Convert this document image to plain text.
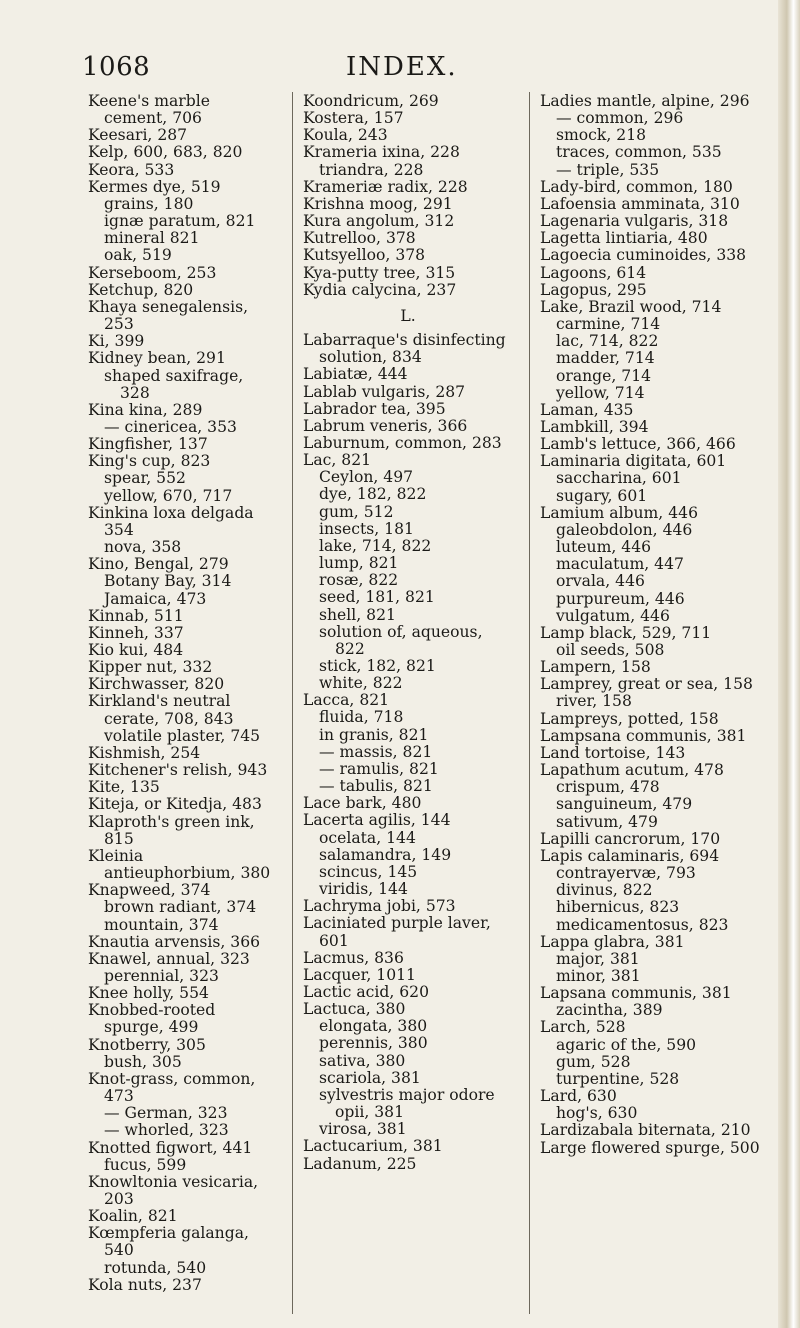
1068	INDEX.

Keene's marble cement, 706

Keesari, 287

Kelp, 600, 683, 820

Keora, 533

Kermes dye, 519

grains, 180

ignæ paratum, 821

mineral 821

oak, 519

Kerseboom, 253

Ketchup, 820

Khaya senegalensis, 253

Ki, 399

Kidney bean, 291

shaped saxifrage, 328

Kina kina, 289

— cinericea, 353

Kingfisher, 137

King's cup, 823

spear, 552

yellow, 670, 717

Kinkina loxa delgada 354

nova, 358

Kino, Bengal, 279

Botany Bay, 314

Jamaica, 473

Kinnab, 511

Kinneh, 337

Kio kui, 484

Kipper nut, 332

Kirchwasser, 820

Kirkland's neutral cerate, 708, 843

volatile plaster, 745

Kishmish, 254

Kitchener's relish, 943

Kite, 135

Kiteja, or Kitedja, 483

Klaproth's green ink, 815

Kleinia antieuphorbium, 380

Knapweed, 374

brown radiant, 374

mountain, 374

Knautia arvensis, 366

Knawel, annual, 323

perennial, 323

Knee holly, 554

Knobbed-rooted spurge, 499

Knotberry, 305

bush, 305

Knot-grass, common, 473

— German, 323

— whorled, 323

Knotted figwort, 441

fucus, 599

Knowltonia vesicaria, 203

Koalin, 821

Kœmpferia galanga, 540

rotunda, 540

Kola nuts, 237

Koondricum, 269

Kostera, 157

Koula, 243

Krameria ixina, 228

triandra, 228

Krameriæ radix, 228

Krishna moog, 291

Kura angolum, 312

Kutrelloo, 378

Kutsyelloo, 378

Kya-putty tree, 315

Kydia calycina, 237

L.

Labarraque's disinfecting solution, 834

Labiatæ, 444

Lablab vulgaris, 287

Labrador tea, 395

Labrum veneris, 366

Laburnum, common, 283

Lac, 821

Ceylon, 497

dye, 182, 822

gum, 512

insects, 181

lake, 714, 822

lump, 821

rosæ, 822

seed, 181, 821

shell, 821

solution of, aqueous, 822

stick, 182, 821

white, 822

Lacca, 821

fluida, 718

in granis, 821

— massis, 821

— ramulis, 821

— tabulis, 821

Lace bark, 480

Lacerta agilis, 144

ocelata, 144

salamandra, 149

scincus, 145

viridis, 144

Lachryma jobi, 573

Laciniated purple laver, 601

Lacmus, 836

Lacquer, 1011

Lactic acid, 620

Lactuca, 380

elongata, 380

perennis, 380

sativa, 380

scariola, 381

sylvestris major odore opii, 381

virosa, 381

Lactucarium, 381

Ladanum, 225

Ladies mantle, alpine, 296

— common, 296

smock, 218

traces, common, 535

— triple, 535

Lady-bird, common, 180

Lafoensia amminata, 310

Lagenaria vulgaris, 318

Lagetta lintiaria, 480

Lagoecia cuminoides, 338

Lagoons, 614

Lagopus, 295

Lake, Brazil wood, 714

carmine, 714

lac, 714, 822

madder, 714

orange, 714

yellow, 714

Laman, 435

Lambkill, 394

Lamb's lettuce, 366, 466

Laminaria digitata, 601

saccharina, 601

sugary, 601

Lamium album, 446

galeobdolon, 446

luteum, 446

maculatum, 447

orvala, 446

purpureum, 446

vulgatum, 446

Lamp black, 529, 711

oil seeds, 508

Lampern, 158

Lamprey, great or sea, 158

river, 158

Lampreys, potted, 158

Lampsana communis, 381

Land tortoise, 143

Lapathum acutum, 478

crispum, 478

sanguineum, 479

sativum, 479

Lapilli cancrorum, 170

Lapis calaminaris, 694

contrayervæ, 793

divinus, 822

hibernicus, 823

medicamentosus, 823

Lappa glabra, 381

major, 381

minor, 381

Lapsana communis, 381

zacintha, 389

Larch, 528

agaric of the, 590

gum, 528

turpentine, 528

Lard, 630

hog's, 630

Lardizabala biternata, 210

Large flowered spurge, 500
